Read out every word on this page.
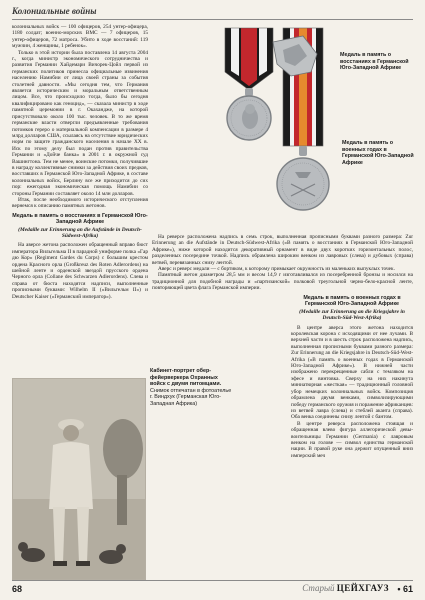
Колониальные войны

колониальных войск — 100 офицеров, 254 унтер-офицера, 1180 солдат; военно-морских ВМС — 7 офицеров, 15 унтер-офицеров, 72 матроса. Убито в ходе восстаний: 119 мужчин, 4 женщины, 1 ребенок».

Только в этой истории была поставлена 14 августа 2004 г., когда министр экономического сотрудничества и развития Германии Хайдемари Вичорек-Цойл первой из германских политиков принесла официальные извинения населению Намибии от лица своей страны за события столетней давности. «Мы сегодня тем, что Германия является историческим и моральным ответственным лицом. Все, что происходило тогда, было бы сегодня квалифицировано как геноцид», — сказала министр в ходе памятной церемонии в г. Окахандже, на которой присутствовало около 100 тыс. человек. В то же время германские власти отвергли предъявленные требования потомков гереро о материальной компенсации в размере 4 млрд долларов США, ссылаясь на отсутствие юридических норм по защите гражданского населения в начале XX в. Иск по этому делу был подан против правительства Германии и «Дойче банка» в 2001 г. в окружной суд Вашингтона. Тем не менее, воинские потомки, получившие в награду коллективные снимки за действия своих предков, восставших в Германской Юго-Западной Африке, в составе колониальных войск, Берлину все же приходится до сих пор: ежегодная экономическая помощь Намибии со стороны Германии составляет около 14 млн долларов.

Итак, после необходимого исторического отступления вернемся к описанию памятных жетонов.

Медаль в память о восстаниях в Германской Юго-Западной Африке
(Medaille zur Erinnerung an die Aufstände in Deutsch-Südwest-Afrika)

На аверсе жетона расположен обращенный вправо бюст императора Вильгельма II в парадной униформе полка «Гар дю Кор» (Regiment Gardes du Corps) с большим крестом ордена Красного орла (Großkreuz des Roten Adlerordens) на шейной ленте и орденской звездой прусского ордена Черного орла (Collane des Schwarzen Adlerordens). Слева и справа от бюста находятся надписи, выполненные прописными буквами: Wilhelm II («Вильгельм II») и Deutscher Kaiser («Германский император»).

Медаль в память о восстаниях в Германской Юго-Западной Африке
Медаль в память о военных годах в Германской Юго-Западной Африке

На реверсе расположена надпись в семь строк, выполненная прописными буквами разного размера: Zur Erinnerung an die Aufstände in Deutsch-Südwest-Afrika («В память о восстаниях в Германской Юго-Западной Африке»), ниже которой находится декоративный орнамент в виде двух коротких горизонтальных полос, разделенных посередине точкой. Надпись обрамлена широким венком из лавровых (слева) и дубовых (справа) ветвей, перевязанных снизу лентой.

Аверс и реверс медали — с бортиком, к которому примыкает окружность из маленьких выпуклых точек.

Памятный жетон диаметром 28,5 мм и весом 14,9 г изготавливался из посеребренной бронзы и носился на традиционной для подобной награды и «партизанской» полковой треугольной черно-бело-красной ленте, повторяющей цвета флага Германской империи.

Кабинет-портрет обер-фейерверкера Охранных войск с двумя питомцами.
Снимок отпечатан в фотоателье г. Виндхук (Германская Юго-Западная Африка)
Медаль в память о военных годах в Германской Юго-Западной Африке
(Medaille zur Erinnerung an die Kriegsjahre in Deutsch-Süd-West-Afrika)

В центре аверса этого жетона находится королевская корона с исходящими от нее лучами. В верхней части и в шесть строк расположена надпись, выполненная прописными буквами разного размера: Zur Erinnerung an die Kriegsjahre in Deutsch-Süd-West-Afrika («В память о военных годах в Германской Юго-Западной Африке»). В нижней части изображено перекрещенные сабли с темляком на эфесе и винтовка. Сверху на них накинута миниатюрная «жесткая» — традиционный головной убор немецких колониальных войск. Композиция обрамлена двумя венками, символизирующими победу германского оружия и поражение африканцев: из ветвей лавра (слева) и стеблей аканта (справа). Оба венка соединены снизу лентой с бантом.

В центре реверса расположена стоящая и обращенная влево фигура аллегорической девы-воительницы Германии (Germania) с лавровым венком на голове — символ единства германской нации. В правой руке она держит опущенный вниз имперский меч

68	Старый ЦЕЙХГАУЗ • 61
